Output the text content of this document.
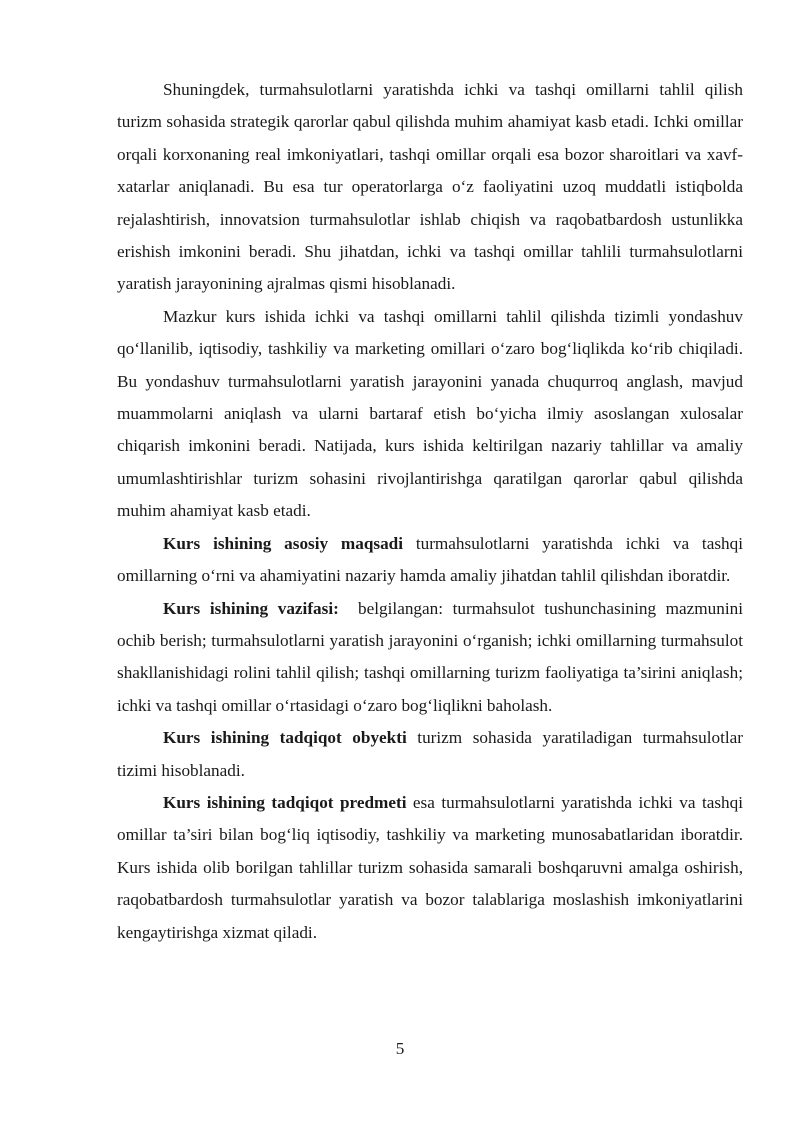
Shuningdek, turmahsulotlarni yaratishda ichki va tashqi omillarni tahlil qilish turizm sohasida strategik qarorlar qabul qilishda muhim ahamiyat kasb etadi. Ichki omillar orqali korxonaning real imkoniyatlari, tashqi omillar orqali esa bozor sharoitlari va xavf-xatarlar aniqlanadi. Bu esa tur operatorlarga o‘z faoliyatini uzoq muddatli istiqbolda rejalashtirish, innovatsion turmahsulotlar ishlab chiqish va raqobatbardosh ustunlikka erishish imkonini beradi. Shu jihatdan, ichki va tashqi omillar tahlili turmahsulotlarni yaratish jarayonining ajralmas qismi hisoblanadi.

Mazkur kurs ishida ichki va tashqi omillarni tahlil qilishda tizimli yondashuv qo‘llanilib, iqtisodiy, tashkiliy va marketing omillari o‘zaro bog‘liqlikda ko‘rib chiqiladi. Bu yondashuv turmahsulotlarni yaratish jarayonini yanada chuqurroq anglash, mavjud muammolarni aniqlash va ularni bartaraf etish bo‘yicha ilmiy asoslangan xulosalar chiqarish imkonini beradi. Natijada, kurs ishida keltirilgan nazariy tahlillar va amaliy umumlashtirishlar turizm sohasini rivojlantirishga qaratilgan qarorlar qabul qilishda muhim ahamiyat kasb etadi.

Kurs ishining asosiy maqsadi turmahsulotlarni yaratishda ichki va tashqi omillarning o‘rni va ahamiyatini nazariy hamda amaliy jihatdan tahlil qilishdan iboratdir.

Kurs ishining vazifasi:  belgilangan: turmahsulot tushunchasining mazmunini ochib berish; turmahsulotlarni yaratish jarayonini o‘rganish; ichki omillarning turmahsulot shakllanishidagi rolini tahlil qilish; tashqi omillarning turizm faoliyatiga ta’sirini aniqlash; ichki va tashqi omillar o‘rtasidagi o‘zaro bog‘liqlikni baholash.

Kurs ishining tadqiqot obyekti turizm sohasida yaratiladigan turmahsulotlar tizimi hisoblanadi.

Kurs ishining tadqiqot predmeti esa turmahsulotlarni yaratishda ichki va tashqi omillar ta’siri bilan bog‘liq iqtisodiy, tashkiliy va marketing munosabatlaridan iboratdir. Kurs ishida olib borilgan tahlillar turizm sohasida samarali boshqaruvni amalga oshirish, raqobatbardosh turmahsulotlar yaratish va bozor talablariga moslashish imkoniyatlarini kengaytirishga xizmat qiladi.

5
